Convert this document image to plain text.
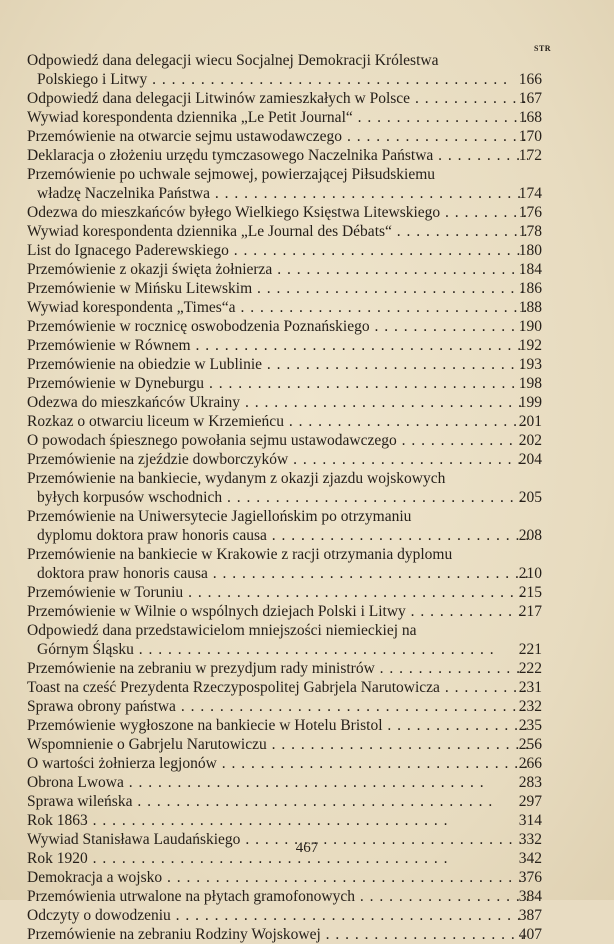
STR
Odpowiedź dana delegacji wiecu Socjalnej Demokracji Królestwa
Polskiego i Litwy . .	166
Odpowiedź dana delegacji Litwinów zamieszkałych w Polsce . .	167
Wywiad korespondenta dziennika „Le Petit Journal“ . .	168
Przemówienie na otwarcie sejmu ustawodawczego . .	170
Deklaracja o złożeniu urzędu tymczasowego Naczelnika Państwa . .	172
Przemówienie po uchwale sejmowej, powierzającej Piłsudskiemu
władzę Naczelnika Państwa . .	174
Odezwa do mieszkańców byłego Wielkiego Księstwa Litewskiego . .	176
Wywiad korespondenta dziennika „Le Journal des Débats“ . .	178
List do Ignacego Paderewskiego . .	180
Przemówienie z okazji święta żołnierza . .	184
Przemówienie w Mińsku Litewskim . .	186
Wywiad korespondenta „Times“a . .	188
Przemówienie w rocznicę oswobodzenia Poznańskiego . .	190
Przemówienie w Równem . .	192
Przemówienie na obiedzie w Lublinie . .	193
Przemówienie w Dyneburgu . .	198
Odezwa do mieszkańców Ukrainy . .	199
Rozkaz o otwarciu liceum w Krzemieńcu . .	201
O powodach śpiesznego powołania sejmu ustawodawczego . .	202
Przemówienie na zjeździe dowborczyków . .	204
Przemówienie na bankiecie, wydanym z okazji zjazdu wojskowych
byłych korpusów wschodnich . .	205
Przemówienie na Uniwersytecie Jagiellońskim po otrzymaniu
dyplomu doktora praw honoris causa . .	208
Przemówienie na bankiecie w Krakowie z racji otrzymania dyplomu
doktora praw honoris causa . .	210
Przemówienie w Toruniu . .	215
Przemówienie w Wilnie o wspólnych dziejach Polski i Litwy . .	217
Odpowiedź dana przedstawicielom mniejszości niemieckiej na
Górnym Śląsku . .	221
Przemówienie na zebraniu w prezydjum rady ministrów . .	222
Toast na cześć Prezydenta Rzeczypospolitej Gabrjela Narutowicza . .	231
Sprawa obrony państwa . .	232
Przemówienie wygłoszone na bankiecie w Hotelu Bristol . .	235
Wspomnienie o Gabrjelu Narutowiczu . .	256
O wartości żołnierza legjonów . .	266
Obrona Lwowa . .	283
Sprawa wileńska . .	297
Rok 1863 . .	314
Wywiad Stanisława Laudańskiego . .	332
Rok 1920 . .	342
Demokracja a wojsko . .	376
Przemówienia utrwalone na płytach gramofonowych . .	384
Odczyty o dowodzeniu . .	387
Przemówienie na zebraniu Rodziny Wojskowej . .	407
467
